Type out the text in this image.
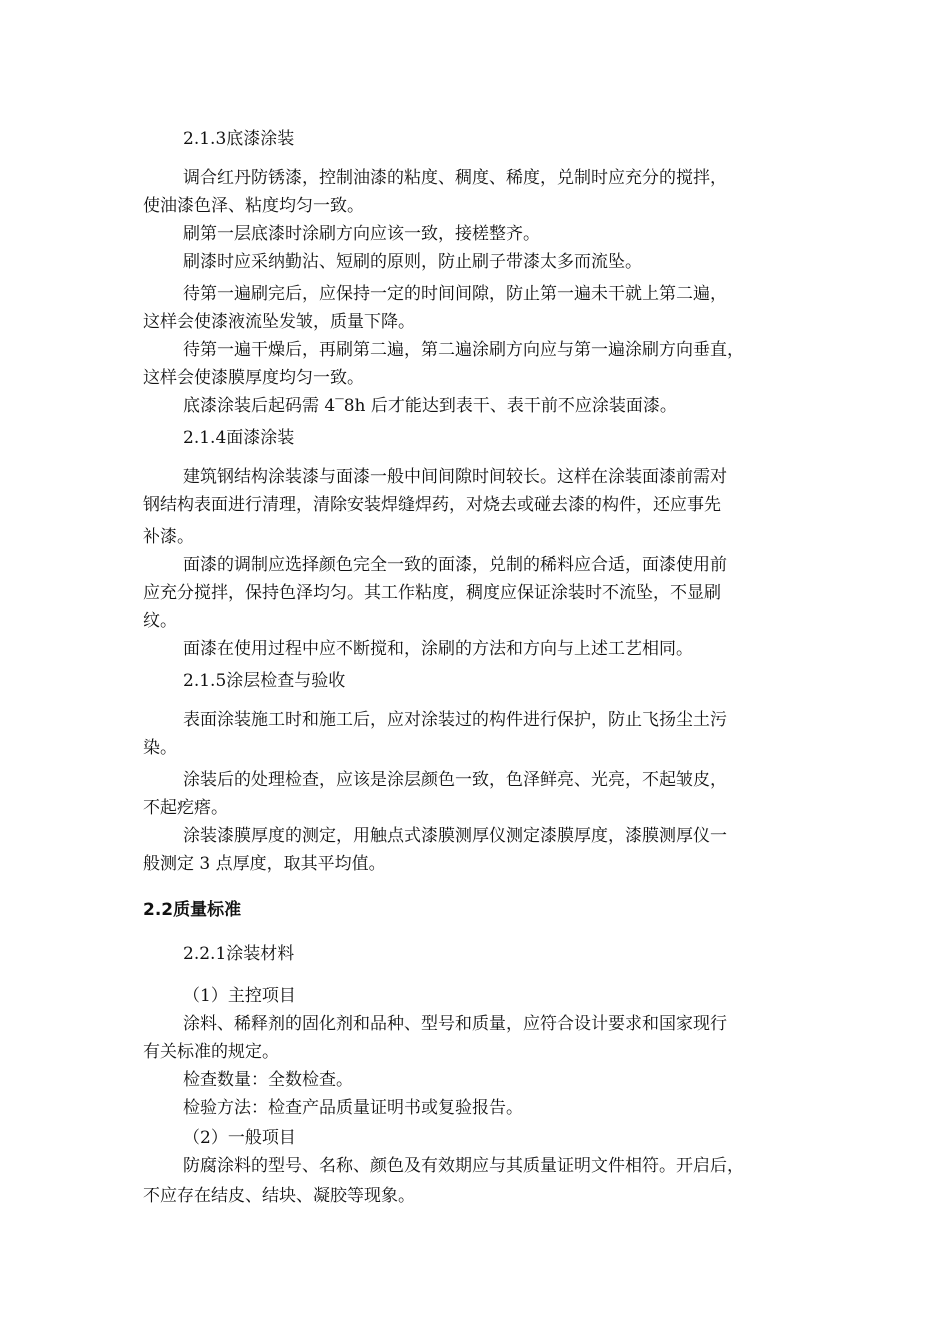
2.1.3底漆涂装

调合红丹防锈漆，控制油漆的粘度、稠度、稀度，兑制时应充分的搅拌，

使油漆色泽、粘度均匀一致。

刷第一层底漆时涂刷方向应该一致，接槎整齐。

刷漆时应采纳勤沾、短刷的原则，防止刷子带漆太多而流坠。

待第一遍刷完后，应保持一定的时间间隙，防止第一遍未干就上第二遍，

这样会使漆液流坠发皱，质量下降。

待第一遍干燥后，再刷第二遍，第二遍涂刷方向应与第一遍涂刷方向垂直，

这样会使漆膜厚度均匀一致。

底漆涂装后起码需 4‾8h 后才能达到表干、表干前不应涂装面漆。

2.1.4面漆涂装

建筑钢结构涂装漆与面漆一般中间间隙时间较长。这样在涂装面漆前需对

钢结构表面进行清理，清除安装焊缝焊药，对烧去或碰去漆的构件，还应事先

补漆。

面漆的调制应选择颜色完全一致的面漆，兑制的稀料应合适，面漆使用前

应充分搅拌，保持色泽均匀。其工作粘度，稠度应保证涂装时不流坠，不显刷

纹。

面漆在使用过程中应不断搅和，涂刷的方法和方向与上述工艺相同。

2.1.5涂层检查与验收

表面涂装施工时和施工后，应对涂装过的构件进行保护，防止飞扬尘土污

染。

涂装后的处理检查，应该是涂层颜色一致，色泽鲜亮、光亮，不起皱皮，

不起疙瘩。

涂装漆膜厚度的测定，用触点式漆膜测厚仪测定漆膜厚度，漆膜测厚仪一

般测定 3 点厚度，取其平均值。

2.2质量标准

2.2.1涂装材料

（1）主控项目

涂料、稀释剂的固化剂和品种、型号和质量，应符合设计要求和国家现行

有关标准的规定。

检查数量：全数检查。

检验方法：检查产品质量证明书或复验报告。

（2）一般项目

防腐涂料的型号、名称、颜色及有效期应与其质量证明文件相符。开启后，

不应存在结皮、结块、凝胶等现象。
